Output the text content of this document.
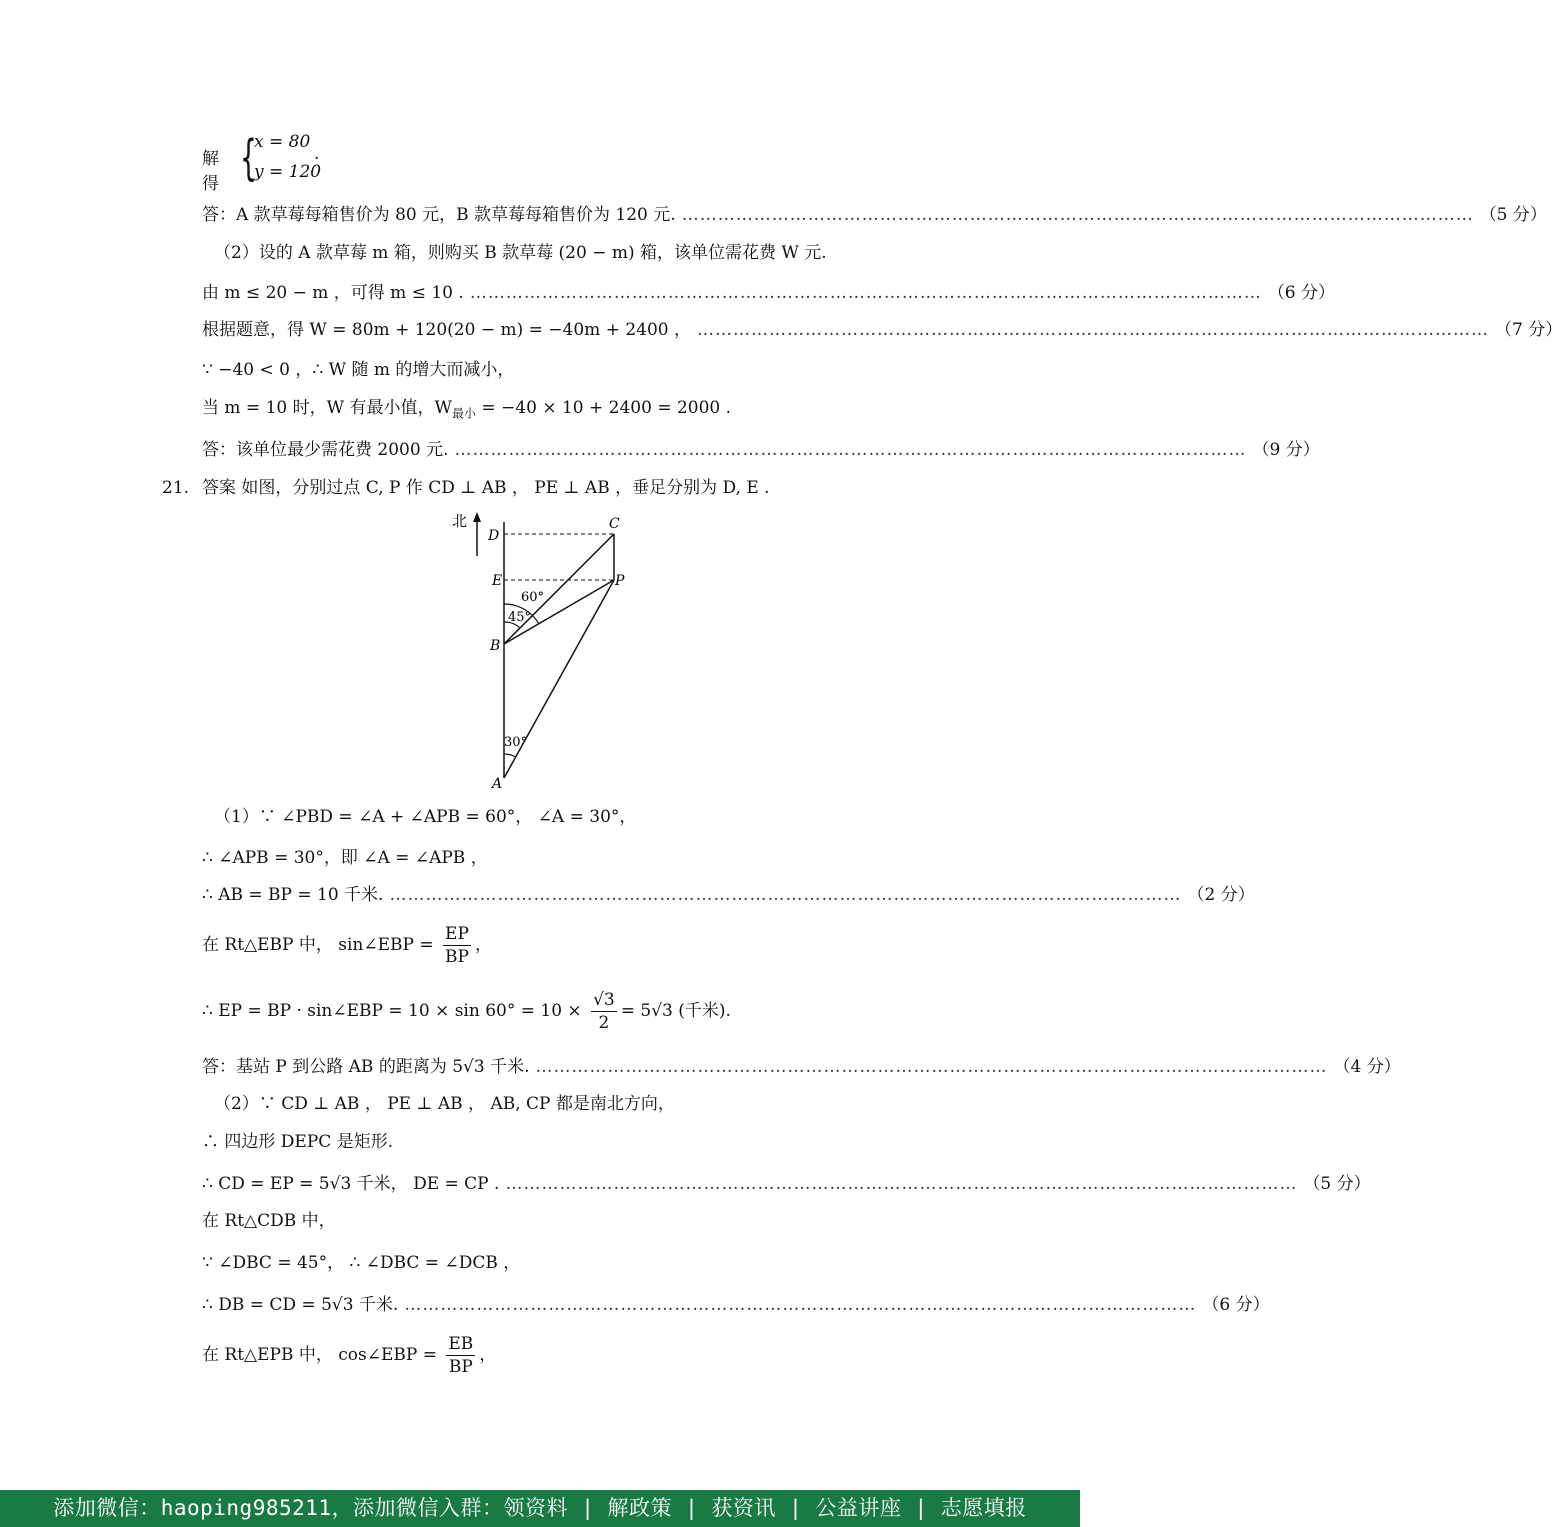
解得 {
x = 80
y = 120
.
答：A 款草莓每箱售价为 80 元，B 款草莓每箱售价为 120 元. …………………………………………………………………………………………………………………… （5 分）
（2）设的 A 款草莓 m 箱，则购买 B 款草莓 (20 − m) 箱，该单位需花费 W 元.
由 m ≤ 20 − m ，可得 m ≤ 10 . …………………………………………………………………………………………………………………… （6 分）
根据题意，得 W = 80m + 120(20 − m) = −40m + 2400 ， …………………………………………………………………………………………………………………… （7 分）
∵ −40 < 0 ，∴ W 随 m 的增大而减小，
当 m = 10 时，W 有最小值，$W_{最小} = -40 \times 10 + 2400 = 2000$ .
答：该单位最少需花费 2000 元. …………………………………………………………………………………………………………………… （9 分）
21. 答案 如图，分别过点 C, P 作 CD ⊥ AB ， PE ⊥ AB ，垂足分别为 D, E .
北
D
C
E	P
B
A
60°
45°
30°
（1）∵ ∠PBD = ∠A + ∠APB = 60°， ∠A = 30°，
∴ ∠APB = 30°，即 ∠A = ∠APB ，
∴ AB = BP = 10 千米. …………………………………………………………………………………………………………………… （2 分）
在 Rt△EBP 中， sin∠EBP = $\frac{EP}{BP}$ ，
∴ EP = BP · sin∠EBP = $10 \times \sin 60^\circ = 10 \times \frac{√3}{2} = 5√3$ (千米).
答：基站 P 到公路 AB 的距离为 5√3 千米. …………………………………………………………………………………………………………………… （4 分）
（2）∵ CD ⊥ AB ， PE ⊥ AB ， AB, CP 都是南北方向，
∴ 四边形 DEPC 是矩形.
∴ CD = EP = 5√3 千米， DE = CP . …………………………………………………………………………………………………………………… （5 分）
在 Rt△CDB 中，
∵ ∠DBC = 45°， ∴ ∠DBC = ∠DCB ，
∴ DB = CD = 5√3 千米. …………………………………………………………………………………………………………………… （6 分）
在 Rt△EPB 中， cos∠EBP = $\frac{EB}{BP}$ ，
添加微信：haoping985211，添加微信入群：领资料 | 解政策 | 获资讯 | 公益讲座 | 志愿填报
